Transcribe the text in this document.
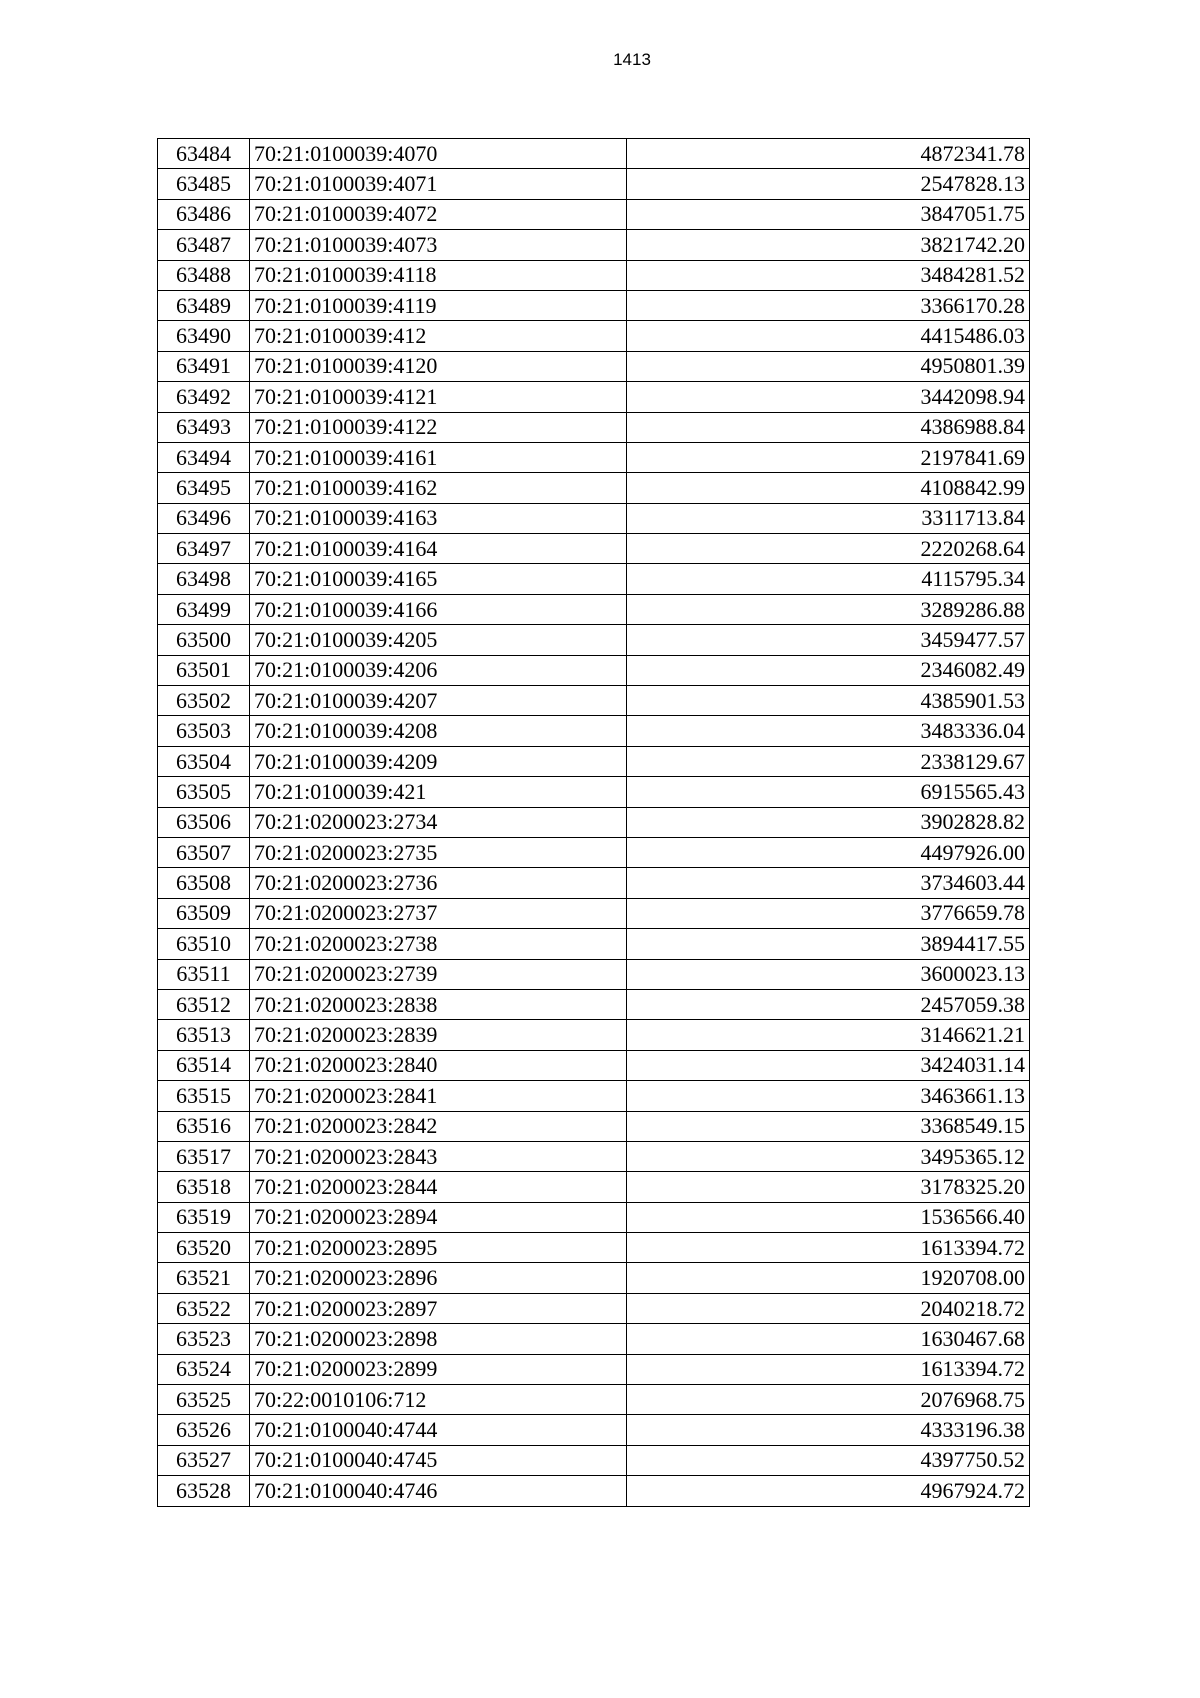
1413
63484	70:21:0100039:4070	4872341.78
63485	70:21:0100039:4071	2547828.13
63486	70:21:0100039:4072	3847051.75
63487	70:21:0100039:4073	3821742.20
63488	70:21:0100039:4118	3484281.52
63489	70:21:0100039:4119	3366170.28
63490	70:21:0100039:412	4415486.03
63491	70:21:0100039:4120	4950801.39
63492	70:21:0100039:4121	3442098.94
63493	70:21:0100039:4122	4386988.84
63494	70:21:0100039:4161	2197841.69
63495	70:21:0100039:4162	4108842.99
63496	70:21:0100039:4163	3311713.84
63497	70:21:0100039:4164	2220268.64
63498	70:21:0100039:4165	4115795.34
63499	70:21:0100039:4166	3289286.88
63500	70:21:0100039:4205	3459477.57
63501	70:21:0100039:4206	2346082.49
63502	70:21:0100039:4207	4385901.53
63503	70:21:0100039:4208	3483336.04
63504	70:21:0100039:4209	2338129.67
63505	70:21:0100039:421	6915565.43
63506	70:21:0200023:2734	3902828.82
63507	70:21:0200023:2735	4497926.00
63508	70:21:0200023:2736	3734603.44
63509	70:21:0200023:2737	3776659.78
63510	70:21:0200023:2738	3894417.55
63511	70:21:0200023:2739	3600023.13
63512	70:21:0200023:2838	2457059.38
63513	70:21:0200023:2839	3146621.21
63514	70:21:0200023:2840	3424031.14
63515	70:21:0200023:2841	3463661.13
63516	70:21:0200023:2842	3368549.15
63517	70:21:0200023:2843	3495365.12
63518	70:21:0200023:2844	3178325.20
63519	70:21:0200023:2894	1536566.40
63520	70:21:0200023:2895	1613394.72
63521	70:21:0200023:2896	1920708.00
63522	70:21:0200023:2897	2040218.72
63523	70:21:0200023:2898	1630467.68
63524	70:21:0200023:2899	1613394.72
63525	70:22:0010106:712	2076968.75
63526	70:21:0100040:4744	4333196.38
63527	70:21:0100040:4745	4397750.52
63528	70:21:0100040:4746	4967924.72
